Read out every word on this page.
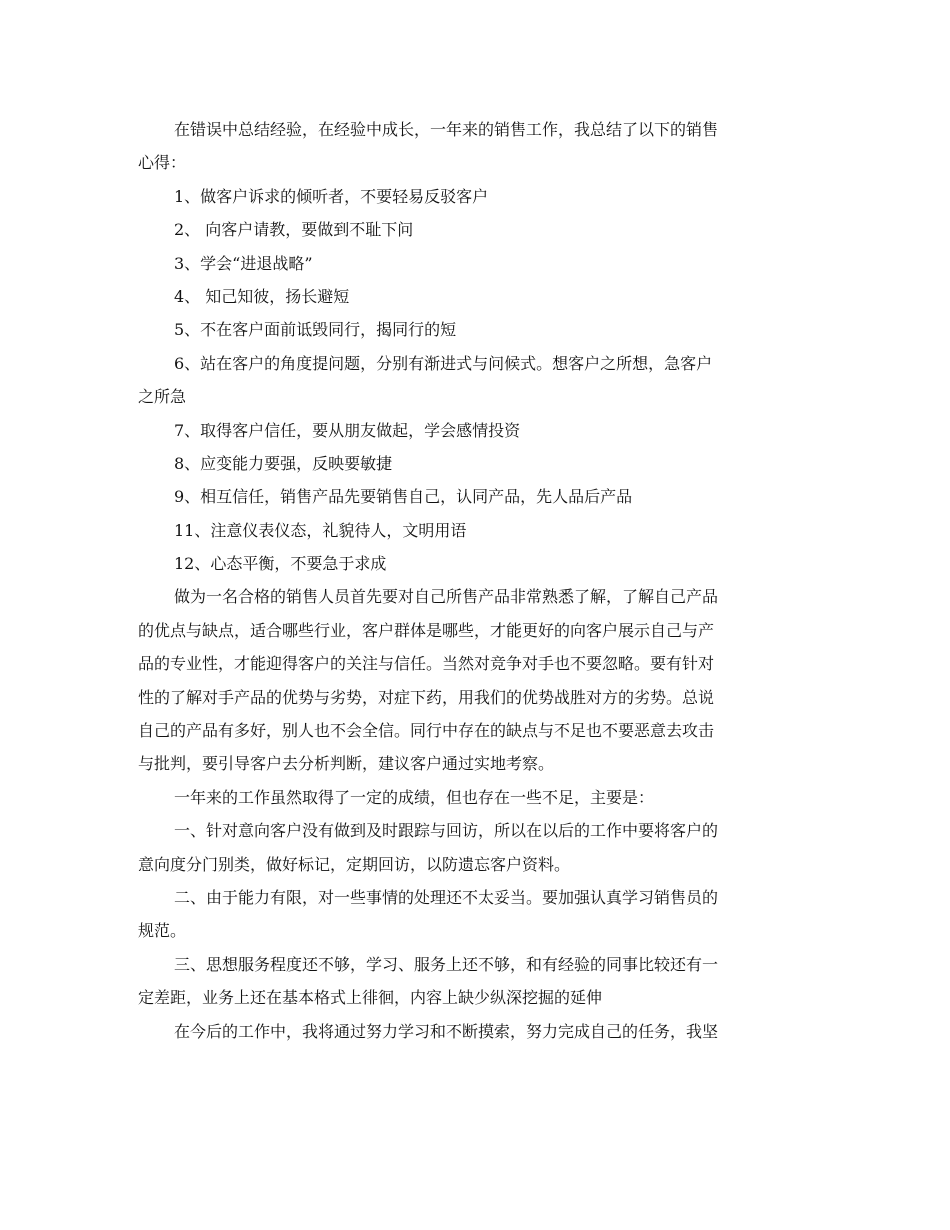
在错误中总结经验，在经验中成长，一年来的销售工作，我总结了以下的销售
心得：
1、做客户诉求的倾听者，不要轻易反驳客户
2、 向客户请教，要做到不耻下问
3、学会“进退战略”
4、 知己知彼，扬长避短
5、不在客户面前诋毁同行，揭同行的短
6、站在客户的角度提问题，分别有渐进式与问候式。想客户之所想，急客户
之所急
7、取得客户信任，要从朋友做起，学会感情投资
8、应变能力要强，反映要敏捷
9、相互信任，销售产品先要销售自己，认同产品，先人品后产品
11、注意仪表仪态，礼貌待人，文明用语
12、心态平衡，不要急于求成
做为一名合格的销售人员首先要对自己所售产品非常熟悉了解，了解自己产品
的优点与缺点，适合哪些行业，客户群体是哪些，才能更好的向客户展示自己与产
品的专业性，才能迎得客户的关注与信任。当然对竞争对手也不要忽略。要有针对
性的了解对手产品的优势与劣势，对症下药，用我们的优势战胜对方的劣势。总说
自己的产品有多好，别人也不会全信。同行中存在的缺点与不足也不要恶意去攻击
与批判，要引导客户去分析判断，建议客户通过实地考察。
一年来的工作虽然取得了一定的成绩，但也存在一些不足，主要是：
一、针对意向客户没有做到及时跟踪与回访，所以在以后的工作中要将客户的
意向度分门别类，做好标记，定期回访，以防遗忘客户资料。
二、由于能力有限，对一些事情的处理还不太妥当。要加强认真学习销售员的
规范。
三、思想服务程度还不够，学习、服务上还不够，和有经验的同事比较还有一
定差距，业务上还在基本格式上徘徊，内容上缺少纵深挖掘的延伸
在今后的工作中，我将通过努力学习和不断摸索，努力完成自己的任务，我坚
